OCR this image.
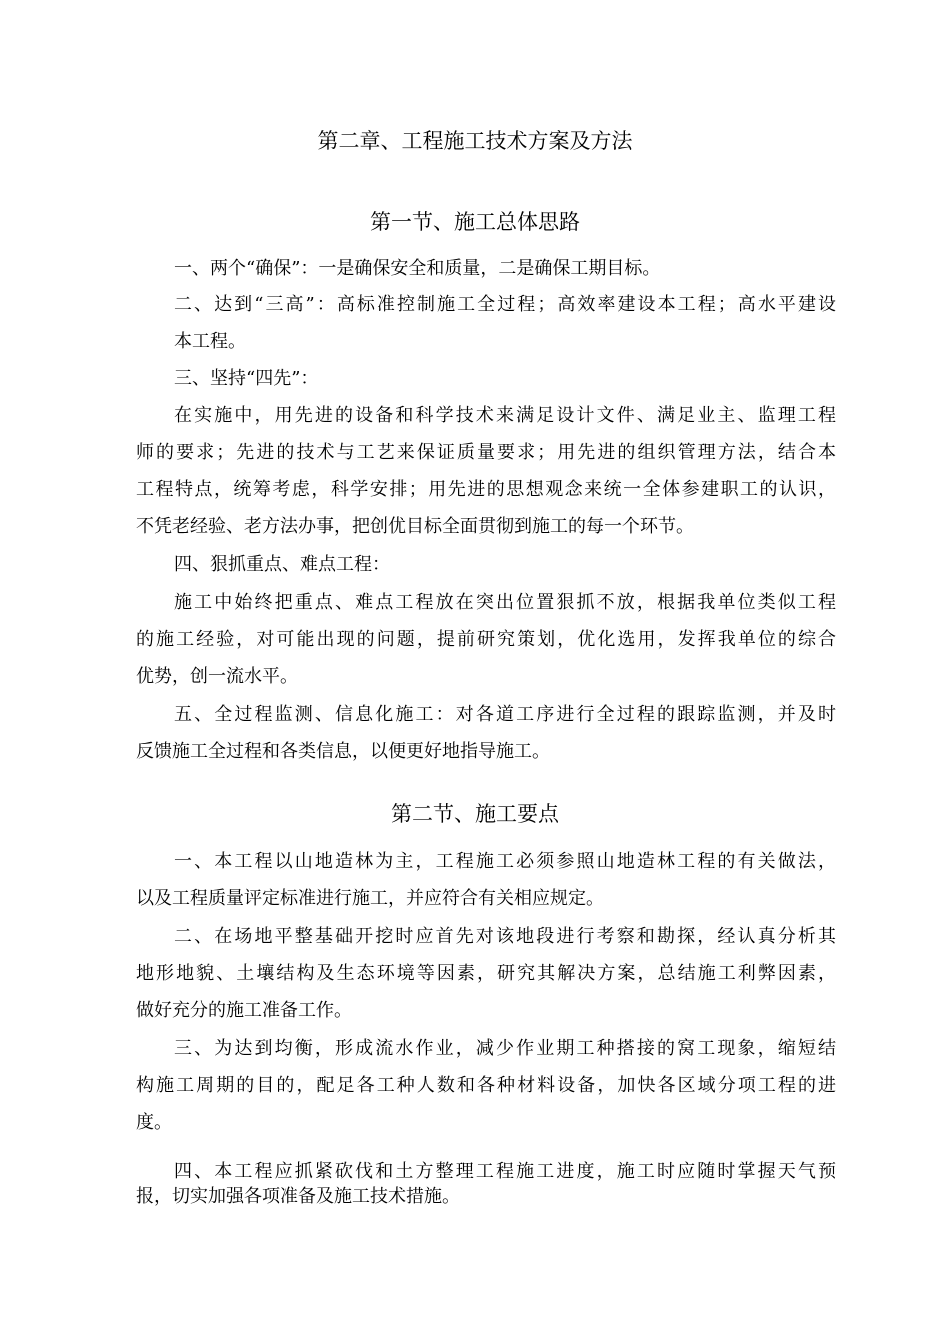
第二章、工程施工技术方案及方法
第一节、施工总体思路
一、两个“确保”：一是确保安全和质量，二是确保工期目标。
二、达到“三高”：高标准控制施工全过程；高效率建设本工程；高水平建设
本工程。
三、坚持“四先”：
在实施中，用先进的设备和科学技术来满足设计文件、满足业主、监理工程
师的要求；先进的技术与工艺来保证质量要求；用先进的组织管理方法，结合本
工程特点，统筹考虑，科学安排；用先进的思想观念来统一全体参建职工的认识，
不凭老经验、老方法办事，把创优目标全面贯彻到施工的每一个环节。
四、狠抓重点、难点工程：
施工中始终把重点、难点工程放在突出位置狠抓不放，根据我单位类似工程
的施工经验，对可能出现的问题，提前研究策划，优化选用，发挥我单位的综合
优势，创一流水平。
五、全过程监测、信息化施工：对各道工序进行全过程的跟踪监测，并及时
反馈施工全过程和各类信息，以便更好地指导施工。
第二节、施工要点
一、本工程以山地造林为主，工程施工必须参照山地造林工程的有关做法，
以及工程质量评定标准进行施工，并应符合有关相应规定。
二、在场地平整基础开挖时应首先对该地段进行考察和勘探，经认真分析其
地形地貌、土壤结构及生态环境等因素，研究其解决方案，总结施工利弊因素，
做好充分的施工准备工作。
三、为达到均衡，形成流水作业，减少作业期工种搭接的窝工现象，缩短结
构施工周期的目的，配足各工种人数和各种材料设备，加快各区域分项工程的进
度。
四、本工程应抓紧砍伐和土方整理工程施工进度，施工时应随时掌握天气预
报，切实加强各项准备及施工技术措施。
